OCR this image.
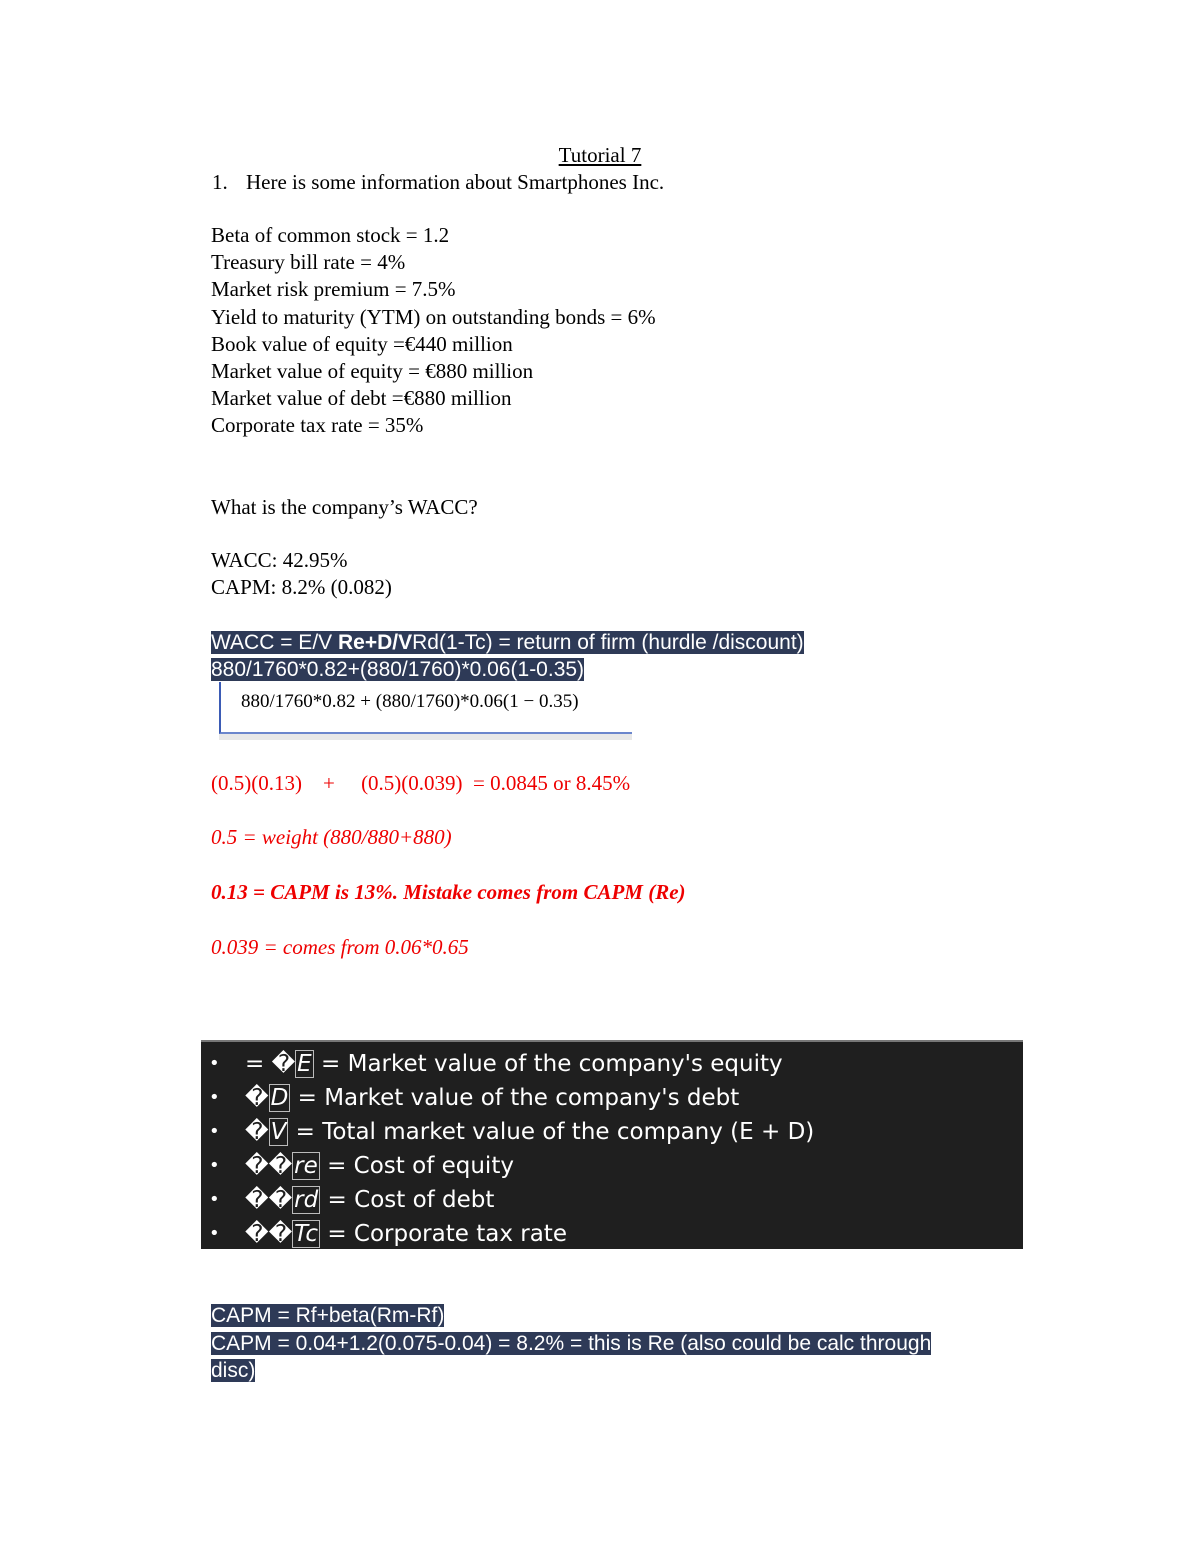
Tutorial 7
1. Here is some information about Smartphones Inc.
Beta of common stock = 1.2
Treasury bill rate = 4%
Market risk premium = 7.5%
Yield to maturity (YTM) on outstanding bonds = 6%
Book value of equity =€440 million
Market value of equity = €880 million
Market value of debt =€880 million
Corporate tax rate = 35%
What is the company’s WACC?
WACC: 42.95%
CAPM: 8.2% (0.082)
WACC = E/V Re+D/VRd(1-Tc) = return of firm (hurdle /discount)
880/1760*0.82+(880/1760)*0.06(1-0.35)
880/1760*0.82 + (880/1760)*0.06(1 − 0.35)
(0.5)(0.13)    +     (0.5)(0.039)  = 0.0845 or 8.45%
0.5 = weight (880/880+880)
0.13 = CAPM is 13%. Mistake comes from CAPM (Re)
0.039 = comes from 0.06*0.65
• = �E = Market value of the company's equity
• �D = Market value of the company's debt
• �V = Total market value of the company (E + D)
• ��re = Cost of equity
• ��rd = Cost of debt
• ��Tc = Corporate tax rate
CAPM = Rf+beta(Rm-Rf)
CAPM = 0.04+1.2(0.075-0.04) = 8.2% = this is Re (also could be calc through
disc)
